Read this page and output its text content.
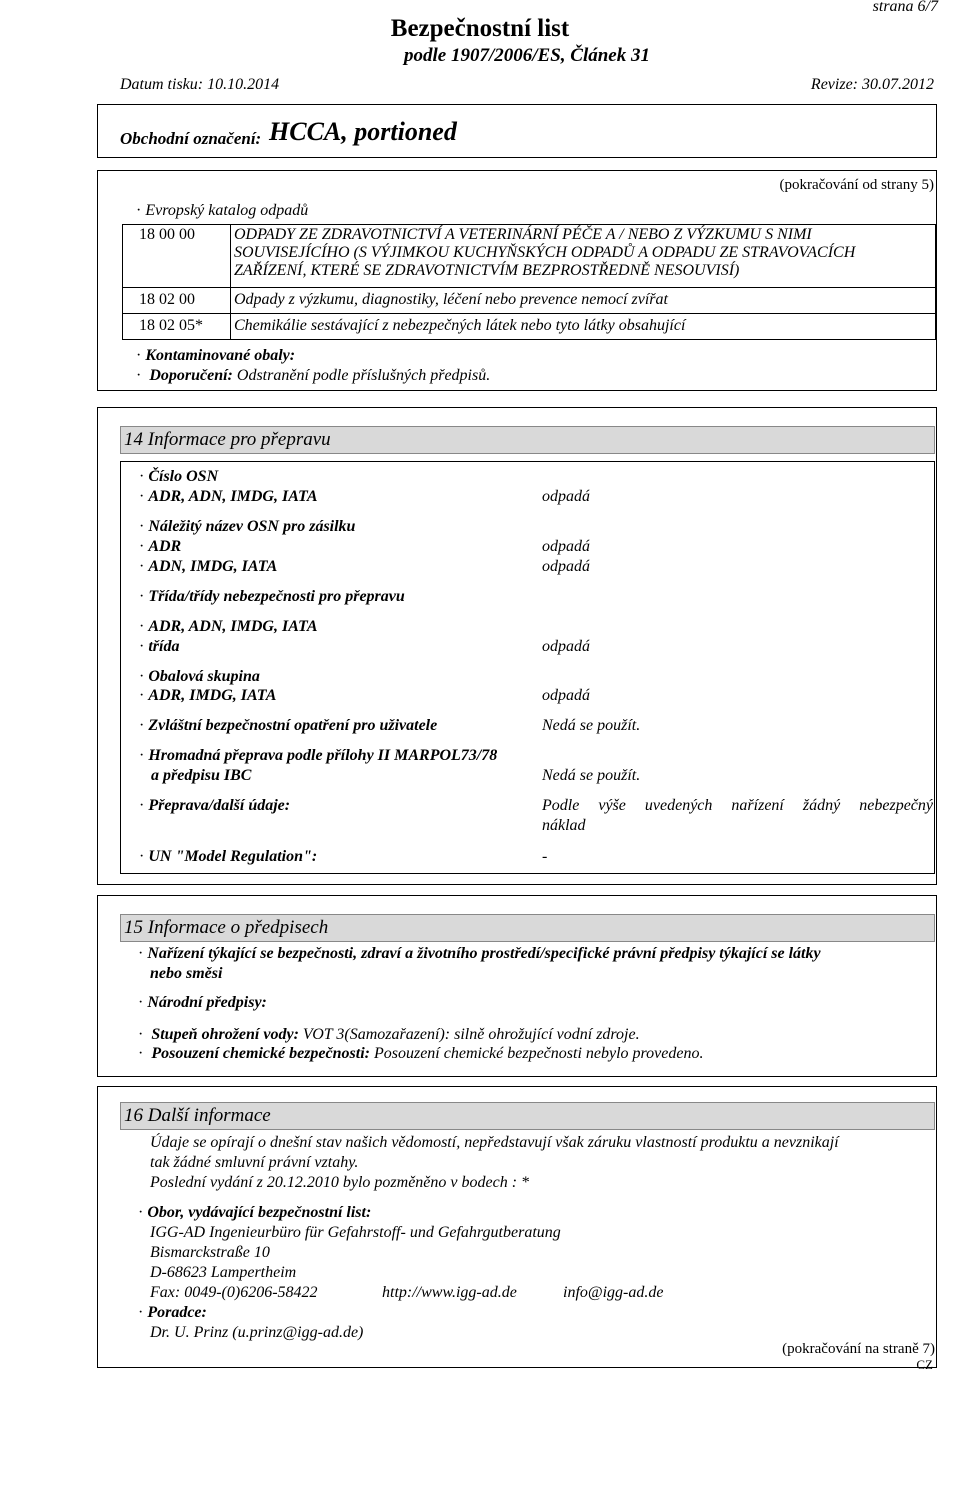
strana 6/7
Bezpečnostní list
podle 1907/2006/ES, Článek 31
Datum tisku: 10.10.2014	Revize: 30.07.2012
Obchodní označení: HCCA, portioned
(pokračování od strany 5)
· Evropský katalog odpadů
18 00 00 ODPADY ZE ZDRAVOTNICTVÍ A VETERINÁRNÍ PÉČE A / NEBO Z VÝZKUMU S NIMI
SOUVISEJÍCÍHO (S VÝJIMKOU KUCHYŇSKÝCH ODPADŮ A ODPADU ZE STRAVOVACÍCH
ZAŘÍZENÍ, KTERÉ SE ZDRAVOTNICTVÍM BEZPROSTŘEDNĚ NESOUVISÍ)
18 02 00 Odpady z výzkumu, diagnostiky, léčení nebo prevence nemocí zvířat
18 02 05* Chemikálie sestávající z nebezpečných látek nebo tyto látky obsahující
· Kontaminované obaly:
· Doporučení: Odstranění podle příslušných předpisů.
14 Informace pro přepravu
· Číslo OSN
· ADR, ADN, IMDG, IATA	odpadá
· Náležitý název OSN pro zásilku
· ADR	odpadá
· ADN, IMDG, IATA	odpadá
· Třída/třídy nebezpečnosti pro přepravu
· ADR, ADN, IMDG, IATA
· třída	odpadá
· Obalová skupina
· ADR, IMDG, IATA	odpadá
· Zvláštní bezpečnostní opatření pro uživatele	Nedá se použít.
· Hromadná přeprava podle přílohy II MARPOL73/78
a předpisu IBC	Nedá se použít.
· Přeprava/další údaje:	Podle výše uvedených nařízení žádný nebezpečný
náklad
· UN "Model Regulation":	-
15 Informace o předpisech
· Nařízení týkající se bezpečnosti, zdraví a životního prostředí/specifické právní předpisy týkající se látky
nebo směsi
· Národní předpisy:
· Stupeň ohrožení vody: VOT 3(Samozařazení): silně ohrožující vodní zdroje.
· Posouzení chemické bezpečnosti: Posouzení chemické bezpečnosti nebylo provedeno.
16 Další informace
Údaje se opírají o dnešní stav našich vědomostí, nepředstavují však záruku vlastností produktu a nevznikají
tak žádné smluvní právní vztahy.
Poslední vydání z 20.12.2010 bylo pozměněno v bodech : *
· Obor, vydávající bezpečnostní list:
IGG-AD Ingenieurbüro für Gefahrstoff- und Gefahrgutberatung
Bismarckstraße 10
D-68623 Lampertheim
Fax: 0049-(0)6206-58422	http://www.igg-ad.de	info@igg-ad.de
· Poradce:
Dr. U. Prinz (u.prinz@igg-ad.de)
(pokračování na straně 7)
CZ
